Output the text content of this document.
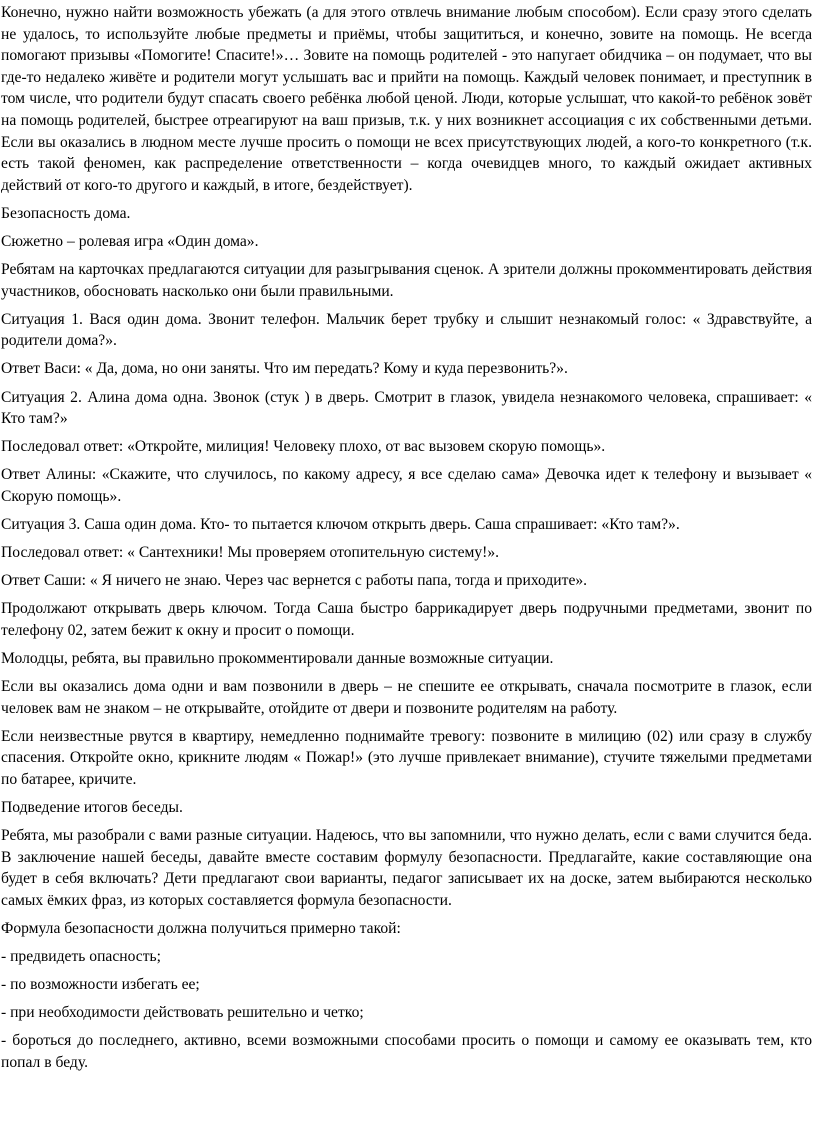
Конечно, нужно найти возможность убежать (а для этого отвлечь внимание любым способом). Если сразу этого сделать не удалось, то используйте любые предметы и приёмы, чтобы защититься, и конечно, зовите на помощь. Не всегда помогают призывы «Помогите! Спасите!»… Зовите на помощь родителей - это напугает обидчика – он подумает, что вы где-то недалеко живёте и родители могут услышать вас и прийти на помощь. Каждый человек понимает, и преступник в том числе, что родители будут спасать своего ребёнка любой ценой. Люди, которые услышат, что какой-то ребёнок зовёт на помощь родителей, быстрее отреагируют на ваш призыв, т.к. у них возникнет ассоциация с их собственными детьми. Если вы оказались в людном месте лучше просить о помощи не всех присутствующих людей, а кого-то конкретного (т.к. есть такой феномен, как распределение ответственности – когда очевидцев много, то каждый ожидает активных действий от кого-то другого и каждый, в итоге, бездействует).

Безопасность дома.

Сюжетно – ролевая игра «Один дома».

Ребятам на карточках предлагаются ситуации для разыгрывания сценок. А зрители должны прокомментировать действия участников, обосновать насколько они были правильными.

Ситуация 1. Вася один дома. Звонит телефон. Мальчик берет трубку и слышит незнакомый голос: « Здравствуйте, а родители дома?».

Ответ Васи: « Да, дома, но они заняты. Что им передать? Кому и куда перезвонить?».

Ситуация 2. Алина дома одна. Звонок (стук ) в дверь. Смотрит в глазок, увидела незнакомого человека, спрашивает: « Кто там?»

Последовал ответ: «Откройте, милиция! Человеку плохо, от вас вызовем скорую помощь».

Ответ Алины: «Скажите, что случилось, по какому адресу, я все сделаю сама» Девочка идет к телефону и вызывает « Скорую помощь».

Ситуация 3. Саша один дома. Кто- то пытается ключом открыть дверь. Саша спрашивает: «Кто там?».

Последовал ответ: « Сантехники! Мы проверяем отопительную систему!».

Ответ Саши: « Я ничего не знаю. Через час вернется с работы папа, тогда и приходите».

Продолжают открывать дверь ключом. Тогда Саша быстро баррикадирует дверь подручными предметами, звонит по телефону 02, затем бежит к окну и просит о помощи.

Молодцы, ребята, вы правильно прокомментировали данные возможные ситуации.

Если вы оказались дома одни и вам позвонили в дверь – не спешите ее открывать, сначала посмотрите в глазок, если человек вам не знаком – не открывайте, отойдите от двери и позвоните родителям на работу.

Если неизвестные рвутся в квартиру, немедленно поднимайте тревогу: позвоните в милицию (02) или сразу в службу спасения. Откройте окно, крикните людям « Пожар!» (это лучше привлекает внимание), стучите тяжелыми предметами по батарее, кричите.

Подведение итогов беседы.

Ребята, мы разобрали с вами разные ситуации. Надеюсь, что вы запомнили, что нужно делать, если с вами случится беда. В заключение нашей беседы, давайте вместе составим формулу безопасности. Предлагайте, какие составляющие она будет в себя включать? Дети предлагают свои варианты, педагог записывает их на доске, затем выбираются несколько самых ёмких фраз, из которых составляется формула безопасности.

Формула безопасности должна получиться примерно такой:

- предвидеть опасность;

- по возможности избегать ее;

- при необходимости действовать решительно и четко;

- бороться до последнего, активно, всеми возможными способами просить о помощи и самому ее оказывать тем, кто попал в беду.
